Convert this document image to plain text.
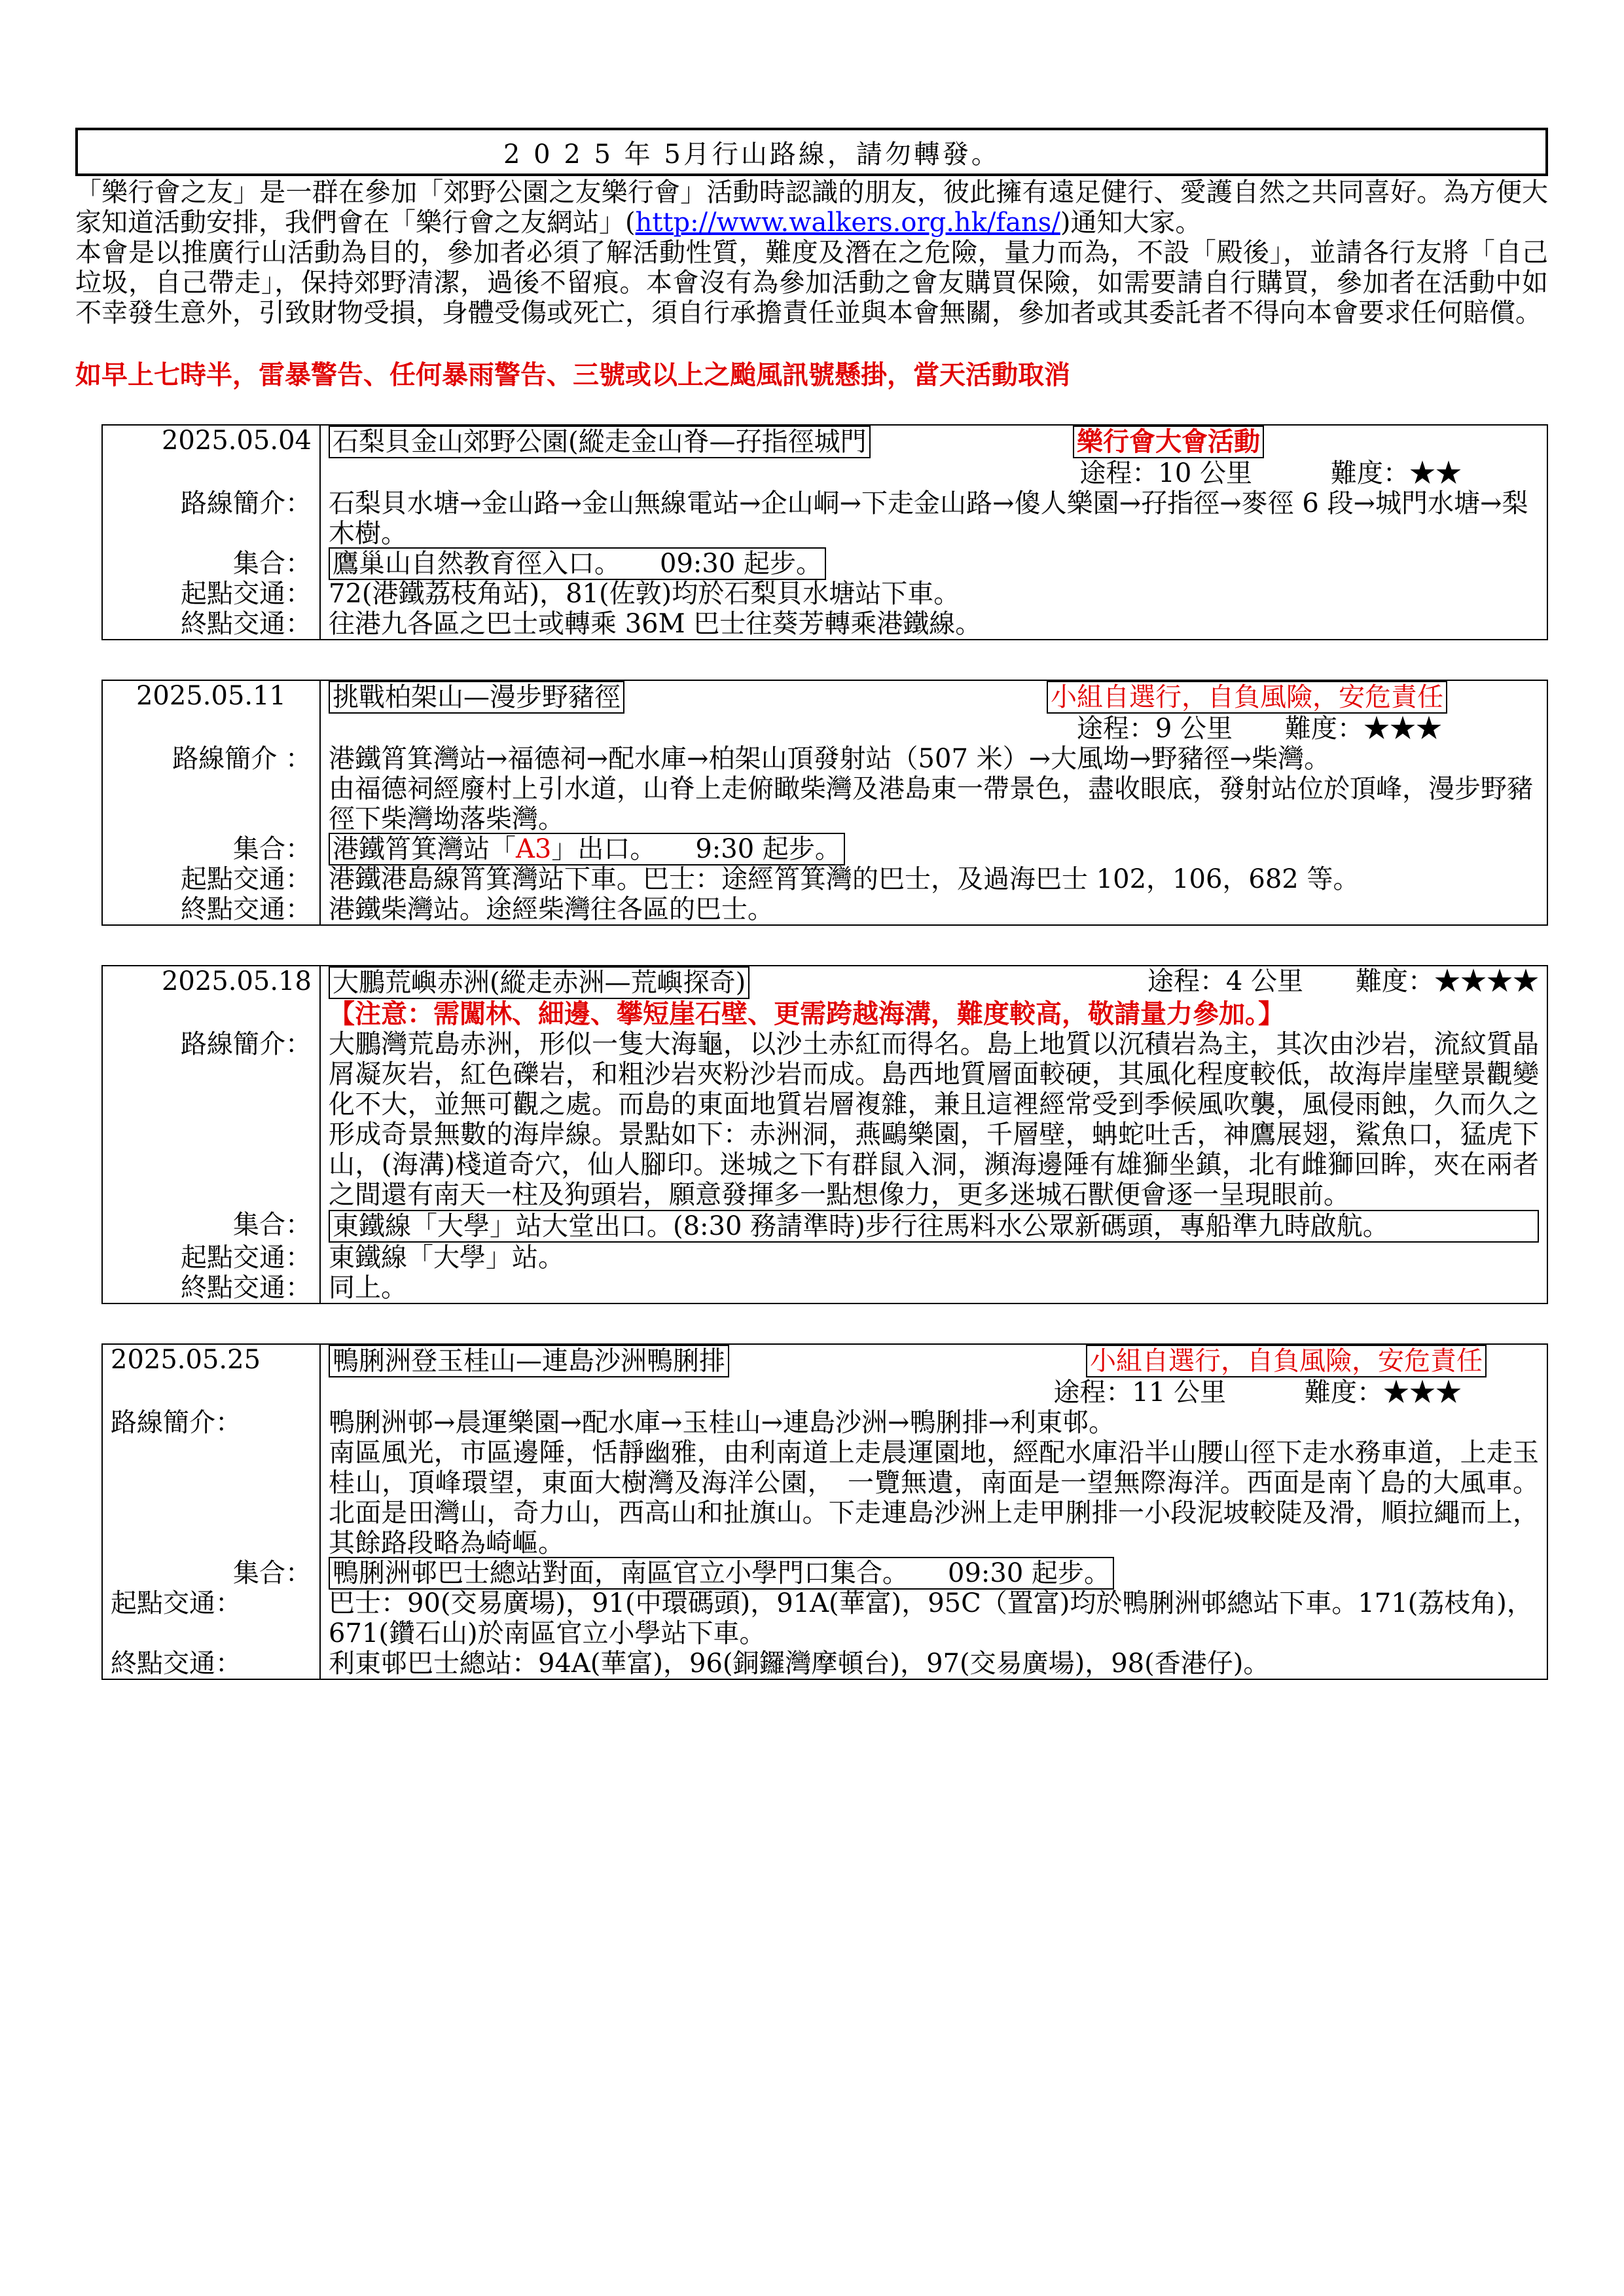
2 0 2 5 年 5月行山路線，請勿轉發。

「樂行會之友」是一群在參加「郊野公園之友樂行會」活動時認識的朋友，彼此擁有遠足健行、愛護自然之共同喜好。為方便大家知道活動安排，我們會在「樂行會之友網站」(http://www.walkers.org.hk/fans/)通知大家。

本會是以推廣行山活動為目的，參加者必須了解活動性質，難度及潛在之危險，量力而為，不設「殿後」，並請各行友將「自己垃圾，自己帶走」，保持郊野清潔，過後不留痕。本會沒有為參加活動之會友購買保險，如需要請自行購買，參加者在活動中如不幸發生意外，引致財物受損，身體受傷或死亡，須自行承擔責任並與本會無關，參加者或其委託者不得向本會要求任何賠償。

如早上七時半，雷暴警告、任何暴雨警告、三號或以上之颱風訊號懸掛，當天活動取消
2025.05.04 石梨貝金山郊野公園(縱走金山脊—孖指徑城門	樂行會大會活動
途程：10 公里　　　	難度：★★
路線簡介： 石梨貝水塘→金山路→金山無線電站→企山峒→下走金山路→傻人樂園→孖指徑→麥徑 6 段→城門水塘→梨木樹。
集合： 鷹巢山自然教育徑入口。　　09:30 起步。
起點交通： 72(港鐵荔枝角站)，81(佐敦)均於石梨貝水塘站下車。
終點交通： 往港九各區之巴士或轉乘 36M 巴士往葵芳轉乘港鐵線。
2025.05.11	挑戰柏架山—漫步野豬徑	小組自選行，自負風險，安危責任
途程：9 公里　　 難度：★★★
路線簡介 ： 港鐵筲箕灣站→福德祠→配水庫→柏架山頂發射站（507 米）→大風坳→野豬徑→柴灣。
由福德祠經廢村上引水道，山脊上走俯瞰柴灣及港島東一帶景色，盡收眼底，發射站位於頂峰，漫步野豬徑下柴灣坳落柴灣。
集合： 港鐵筲箕灣站「A3」出口。　　9:30 起步。
起點交通： 港鐵港島線筲箕灣站下車。巴士：途經筲箕灣的巴士，及過海巴士 102，106，682 等。
終點交通： 港鐵柴灣站。途經柴灣往各區的巴士。
2025.05.18 大鵬荒嶼赤洲(縱走赤洲—荒嶼探奇)	途程：4 公里　　 難度：★★★★
【注意：需闖林、細邊、攀短崖石壁、更需跨越海溝，難度較高，敬請量力參加。】
路線簡介： 大鵬灣荒島赤洲，形似一隻大海龜，以沙土赤紅而得名。島上地質以沉積岩為主，其次由沙岩，流紋質晶屑凝灰岩，紅色礫岩，和粗沙岩夾粉沙岩而成。島西地質層面較硬，其風化程度較低，故海岸崖壁景觀變化不大，並無可觀之處。而島的東面地質岩層複雜，兼且這裡經常受到季候風吹襲，風侵雨蝕，久而久之形成奇景無數的海岸線。景點如下：赤洲洞，燕鷗樂園，千層壁，蚺蛇吐舌，神鷹展翅，鯊魚口，猛虎下山，(海溝)棧道奇穴，仙人腳印。迷城之下有群鼠入洞，瀕海邊陲有雄獅坐鎮，北有雌獅回眸，夾在兩者之間還有南天一柱及狗頭岩，願意發揮多一點想像力，更多迷城石獸便會逐一呈現眼前。
集合： 東鐵線「大學」站大堂出口。(8:30 務請準時)步行往馬料水公眾新碼頭，專船準九時啟航。
起點交通： 東鐵線「大學」站。
終點交通： 同上。
2025.05.25	鴨脷洲登玉桂山—連島沙洲鴨脷排	小組自選行，自負風險，安危責任
途程：11 公里　　　	難度：★★★
路線簡介：	鴨脷洲邨→晨運樂園→配水庫→玉桂山→連島沙洲→鴨脷排→利東邨。
南區風光，市區邊陲，恬靜幽雅，由利南道上走晨運園地，經配水庫沿半山腰山徑下走水務車道，上走玉桂山，頂峰環望，東面大樹灣及海洋公園，　一覽無遺，南面是一望無際海洋。西面是南丫島的大風車。北面是田灣山，奇力山，西高山和扯旗山。下走連島沙洲上走甲脷排一小段泥坡較陡及滑，順拉繩而上，其餘路段略為崎嶇。
集合： 鴨脷洲邨巴士總站對面，南區官立小學門口集合。　　09:30 起步。
起點交通：	巴士：90(交易廣場)，91(中環碼頭)，91A(華富)，95C（置富)均於鴨脷洲邨總站下車。171(荔枝角)，671(鑽石山)於南區官立小學站下車。
終點交通：	利東邨巴士總站：94A(華富)，96(銅鑼灣摩頓台)，97(交易廣場)，98(香港仔)。
